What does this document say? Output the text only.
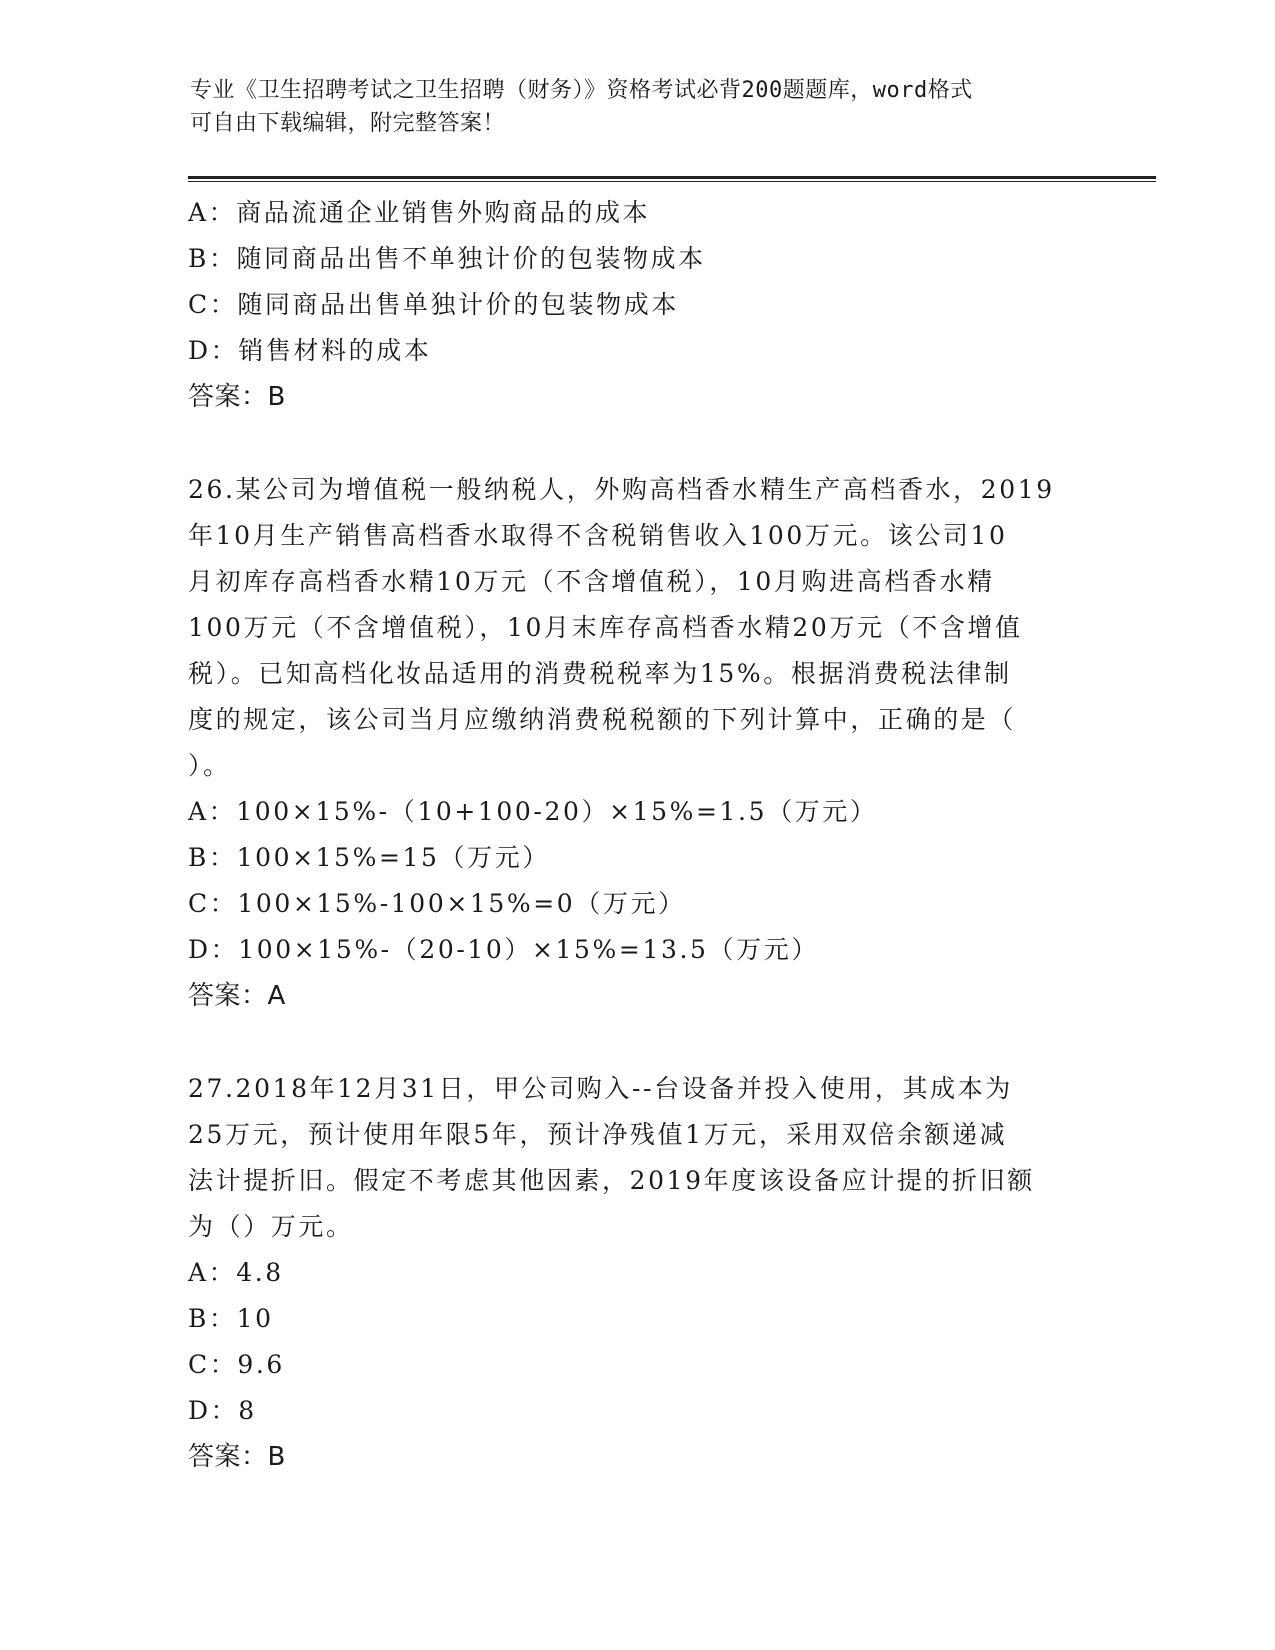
专业《卫生招聘考试之卫生招聘（财务）》资格考试必背200题题库，word格式
可自由下载编辑，附完整答案！
A：商品流通企业销售外购商品的成本
B：随同商品出售不单独计价的包装物成本
C：随同商品出售单独计价的包装物成本
D：销售材料的成本
答案：B
26.某公司为增值税一般纳税人，外购高档香水精生产高档香水，2019
年10月生产销售高档香水取得不含税销售收入100万元。该公司10
月初库存高档香水精10万元（不含增值税），10月购进高档香水精
100万元（不含增值税），10月末库存高档香水精20万元（不含增值
税）。已知高档化妆品适用的消费税税率为15%。根据消费税法律制
度的规定，该公司当月应缴纳消费税税额的下列计算中，正确的是（
）。
A：100×15%-（10+100-20）×15%=1.5（万元）
B：100×15%=15（万元）
C：100×15%-100×15%=0（万元）
D：100×15%-（20-10）×15%=13.5（万元）
答案：A
27.2018年12月31日，甲公司购入--台设备并投入使用，其成本为
25万元，预计使用年限5年，预计净残值1万元，采用双倍余额递减
法计提折旧。假定不考虑其他因素，2019年度该设备应计提的折旧额
为（）万元。
A：4.8
B：10
C：9.6
D：8
答案：B
